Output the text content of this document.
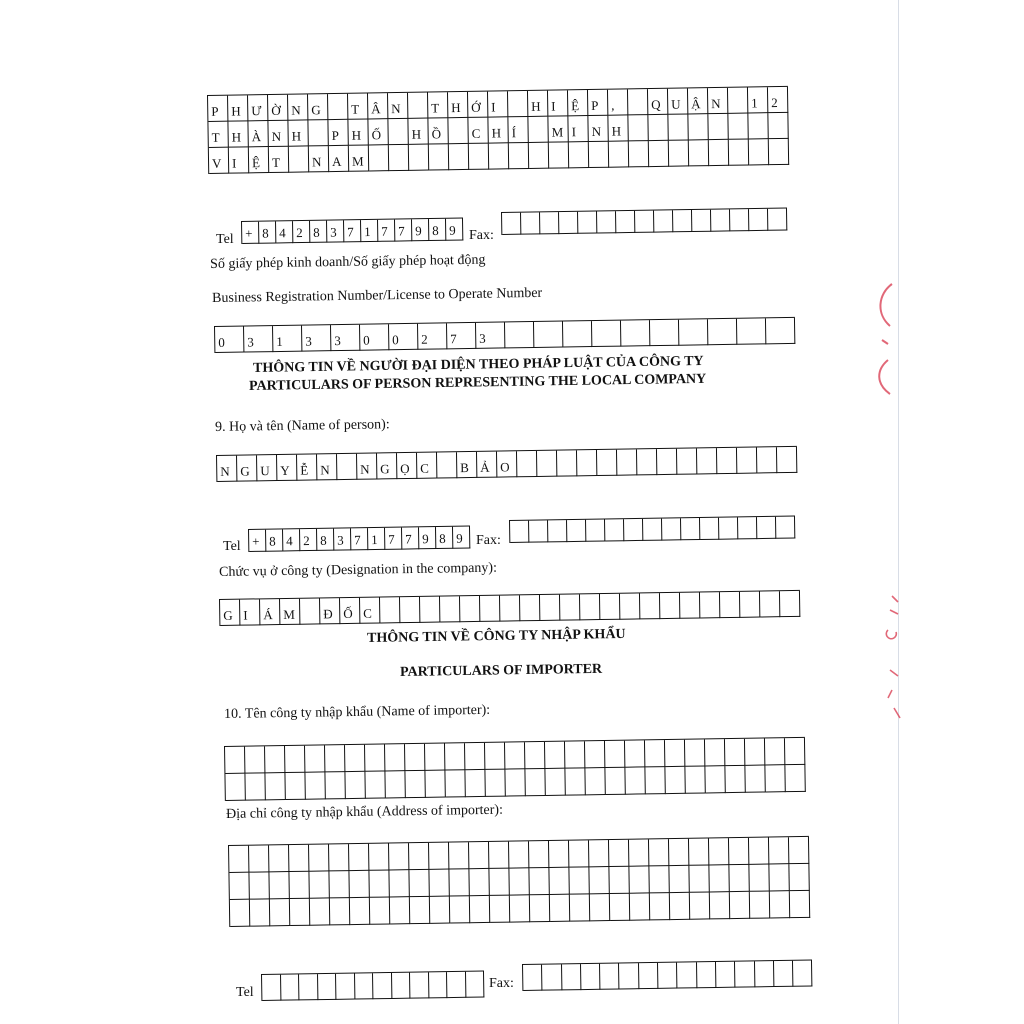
P H Ư Ờ N G	T Â N	T H Ớ I	H I	Ệ P ,	Q U Ậ N	1	2
T H À N H	P H Ố	H Ồ	C H Í	M I	N H
V I	Ệ T	N A M
Tel + 8 4 2 8 3 7 1 7 7 9 8 9 Fax:
Số giấy phép kinh doanh/Số giấy phép hoạt động
Business Registration Number/License to Operate Number
0	3	1	3	3	0	0	2	7	3
THÔNG TIN VỀ NGƯỜI ĐẠI DIỆN THEO PHÁP LUẬT CỦA CÔNG TY
PARTICULARS OF PERSON REPRESENTING THE LOCAL COMPANY
9. Họ và tên (Name of person):
N G U Y Ễ N	N G Ọ C	B Ả O
Tel + 8 4 2 8 3 7 1 7 7 9 8 9 Fax:
Chức vụ ở công ty (Designation in the company):
G I	Á M	Đ Ố C
THÔNG TIN VỀ CÔNG TY NHẬP KHẨU
PARTICULARS OF IMPORTER
10. Tên công ty nhập khẩu (Name of importer):
Địa chỉ công ty nhập khẩu (Address of importer):
Tel
Fax:
